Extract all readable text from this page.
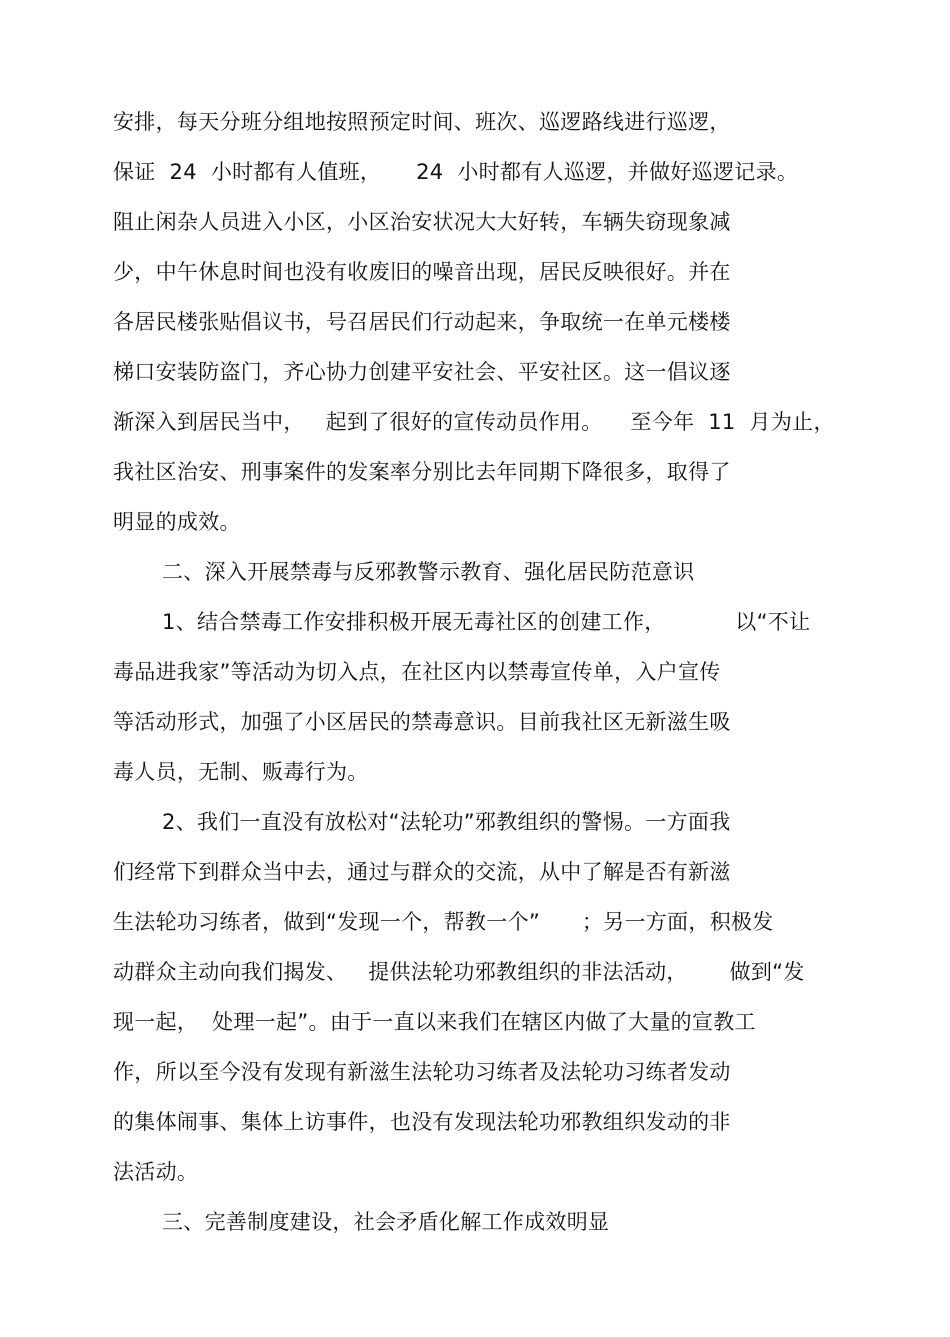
安排，每天分班分组地按照预定时间、班次、巡逻路线进行巡逻，
保证  24  小时都有人值班，     24  小时都有人巡逻，并做好巡逻记录。
阻止闲杂人员进入小区，小区治安状况大大好转，车辆失窃现象减
少，中午休息时间也没有收废旧的噪音出现，居民反映很好。并在
各居民楼张贴倡议书，号召居民们行动起来，争取统一在单元楼楼
梯口安装防盗门，齐心协力创建平安社会、平安社区。这一倡议逐
渐深入到居民当中，   起到了很好的宣传动员作用。    至今年  11  月为止，
我社区治安、刑事案件的发案率分别比去年同期下降很多，取得了
明显的成效。
二、深入开展禁毒与反邪教警示教育、强化居民防范意识
1、结合禁毒工作安排积极开展无毒社区的创建工作，          以“不让
毒品进我家”等活动为切入点，在社区内以禁毒宣传单，入户宣传
等活动形式，加强了小区居民的禁毒意识。目前我社区无新滋生吸
毒人员，无制、贩毒行为。
2、我们一直没有放松对“法轮功”邪教组织的警惕。一方面我
们经常下到群众当中去，通过与群众的交流，从中了解是否有新滋
生法轮功习练者，做到“发现一个，帮教一个”      ；另一方面，积极发
动群众主动向我们揭发、   提供法轮功邪教组织的非法活动，      做到“发
现一起，  处理一起”。由于一直以来我们在辖区内做了大量的宣教工
作，所以至今没有发现有新滋生法轮功习练者及法轮功习练者发动
的集体闹事、集体上访事件，也没有发现法轮功邪教组织发动的非
法活动。
三、完善制度建设，社会矛盾化解工作成效明显
